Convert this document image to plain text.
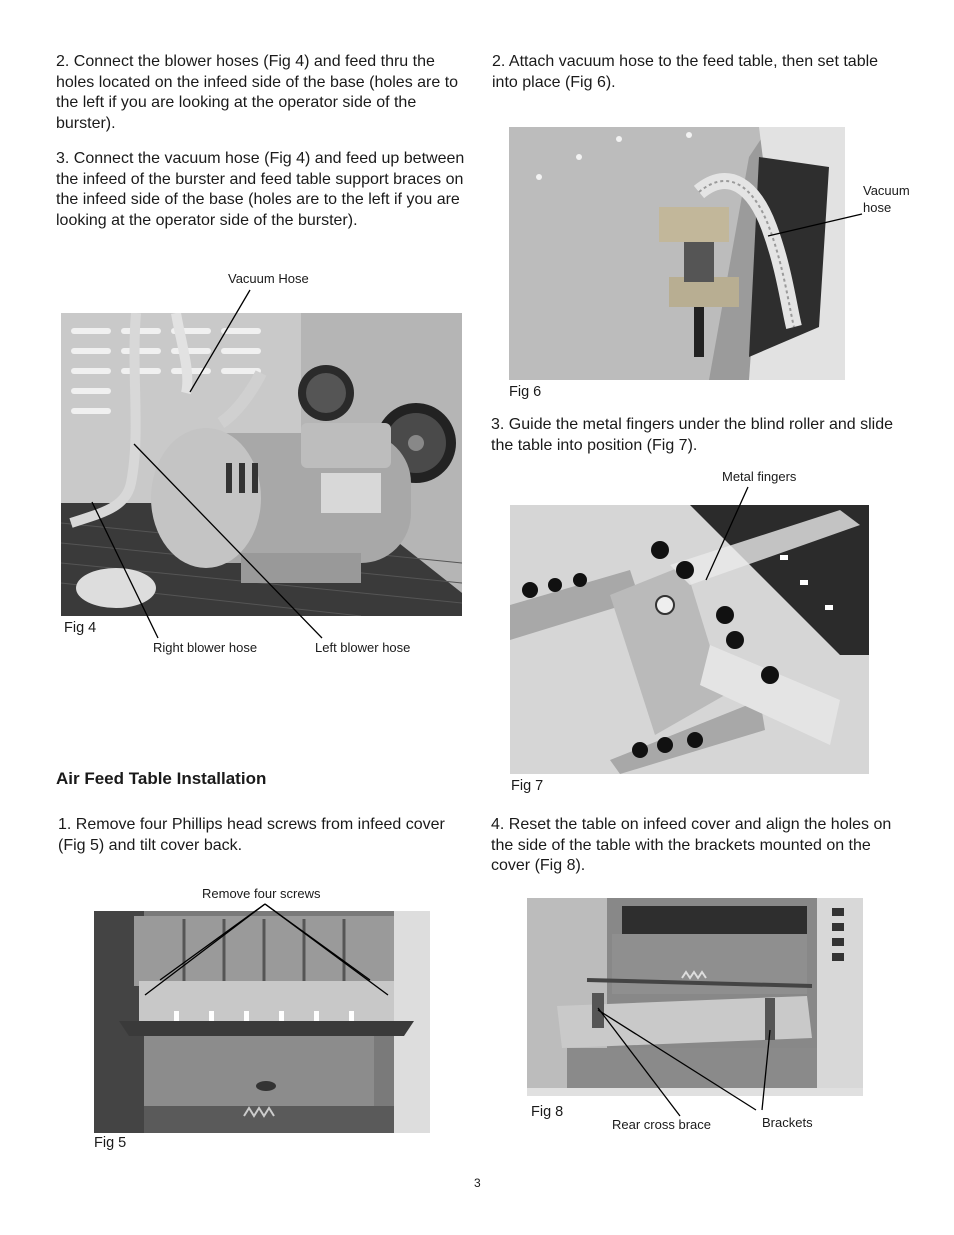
2. Connect the blower hoses (Fig 4) and feed thru the holes located on the infeed side of the base (holes are to the left if you are looking at the operator side of the burster).
3. Connect the vacuum hose (Fig 4) and feed up between the infeed of the burster and feed table support braces on the infeed side of the base (holes are to the left if you are looking at the operator side of the burster).
Vacuum Hose
Fig 4
Right blower hose	Left blower hose
Air Feed Table Installation
1. Remove four Phillips head screws from infeed cover (Fig 5) and tilt cover back.
Remove four screws
Fig 5
2. Attach vacuum hose to the feed table, then set table into place (Fig 6).
Vacuum
hose
Fig 6
3. Guide the metal fingers under the blind roller and slide the table into position (Fig 7).
Metal fingers
Fig 7
4. Reset the table on infeed cover and align the holes on the side of the table with the brackets mounted on the cover (Fig 8).
Fig 8
Rear cross brace	Brackets
3
